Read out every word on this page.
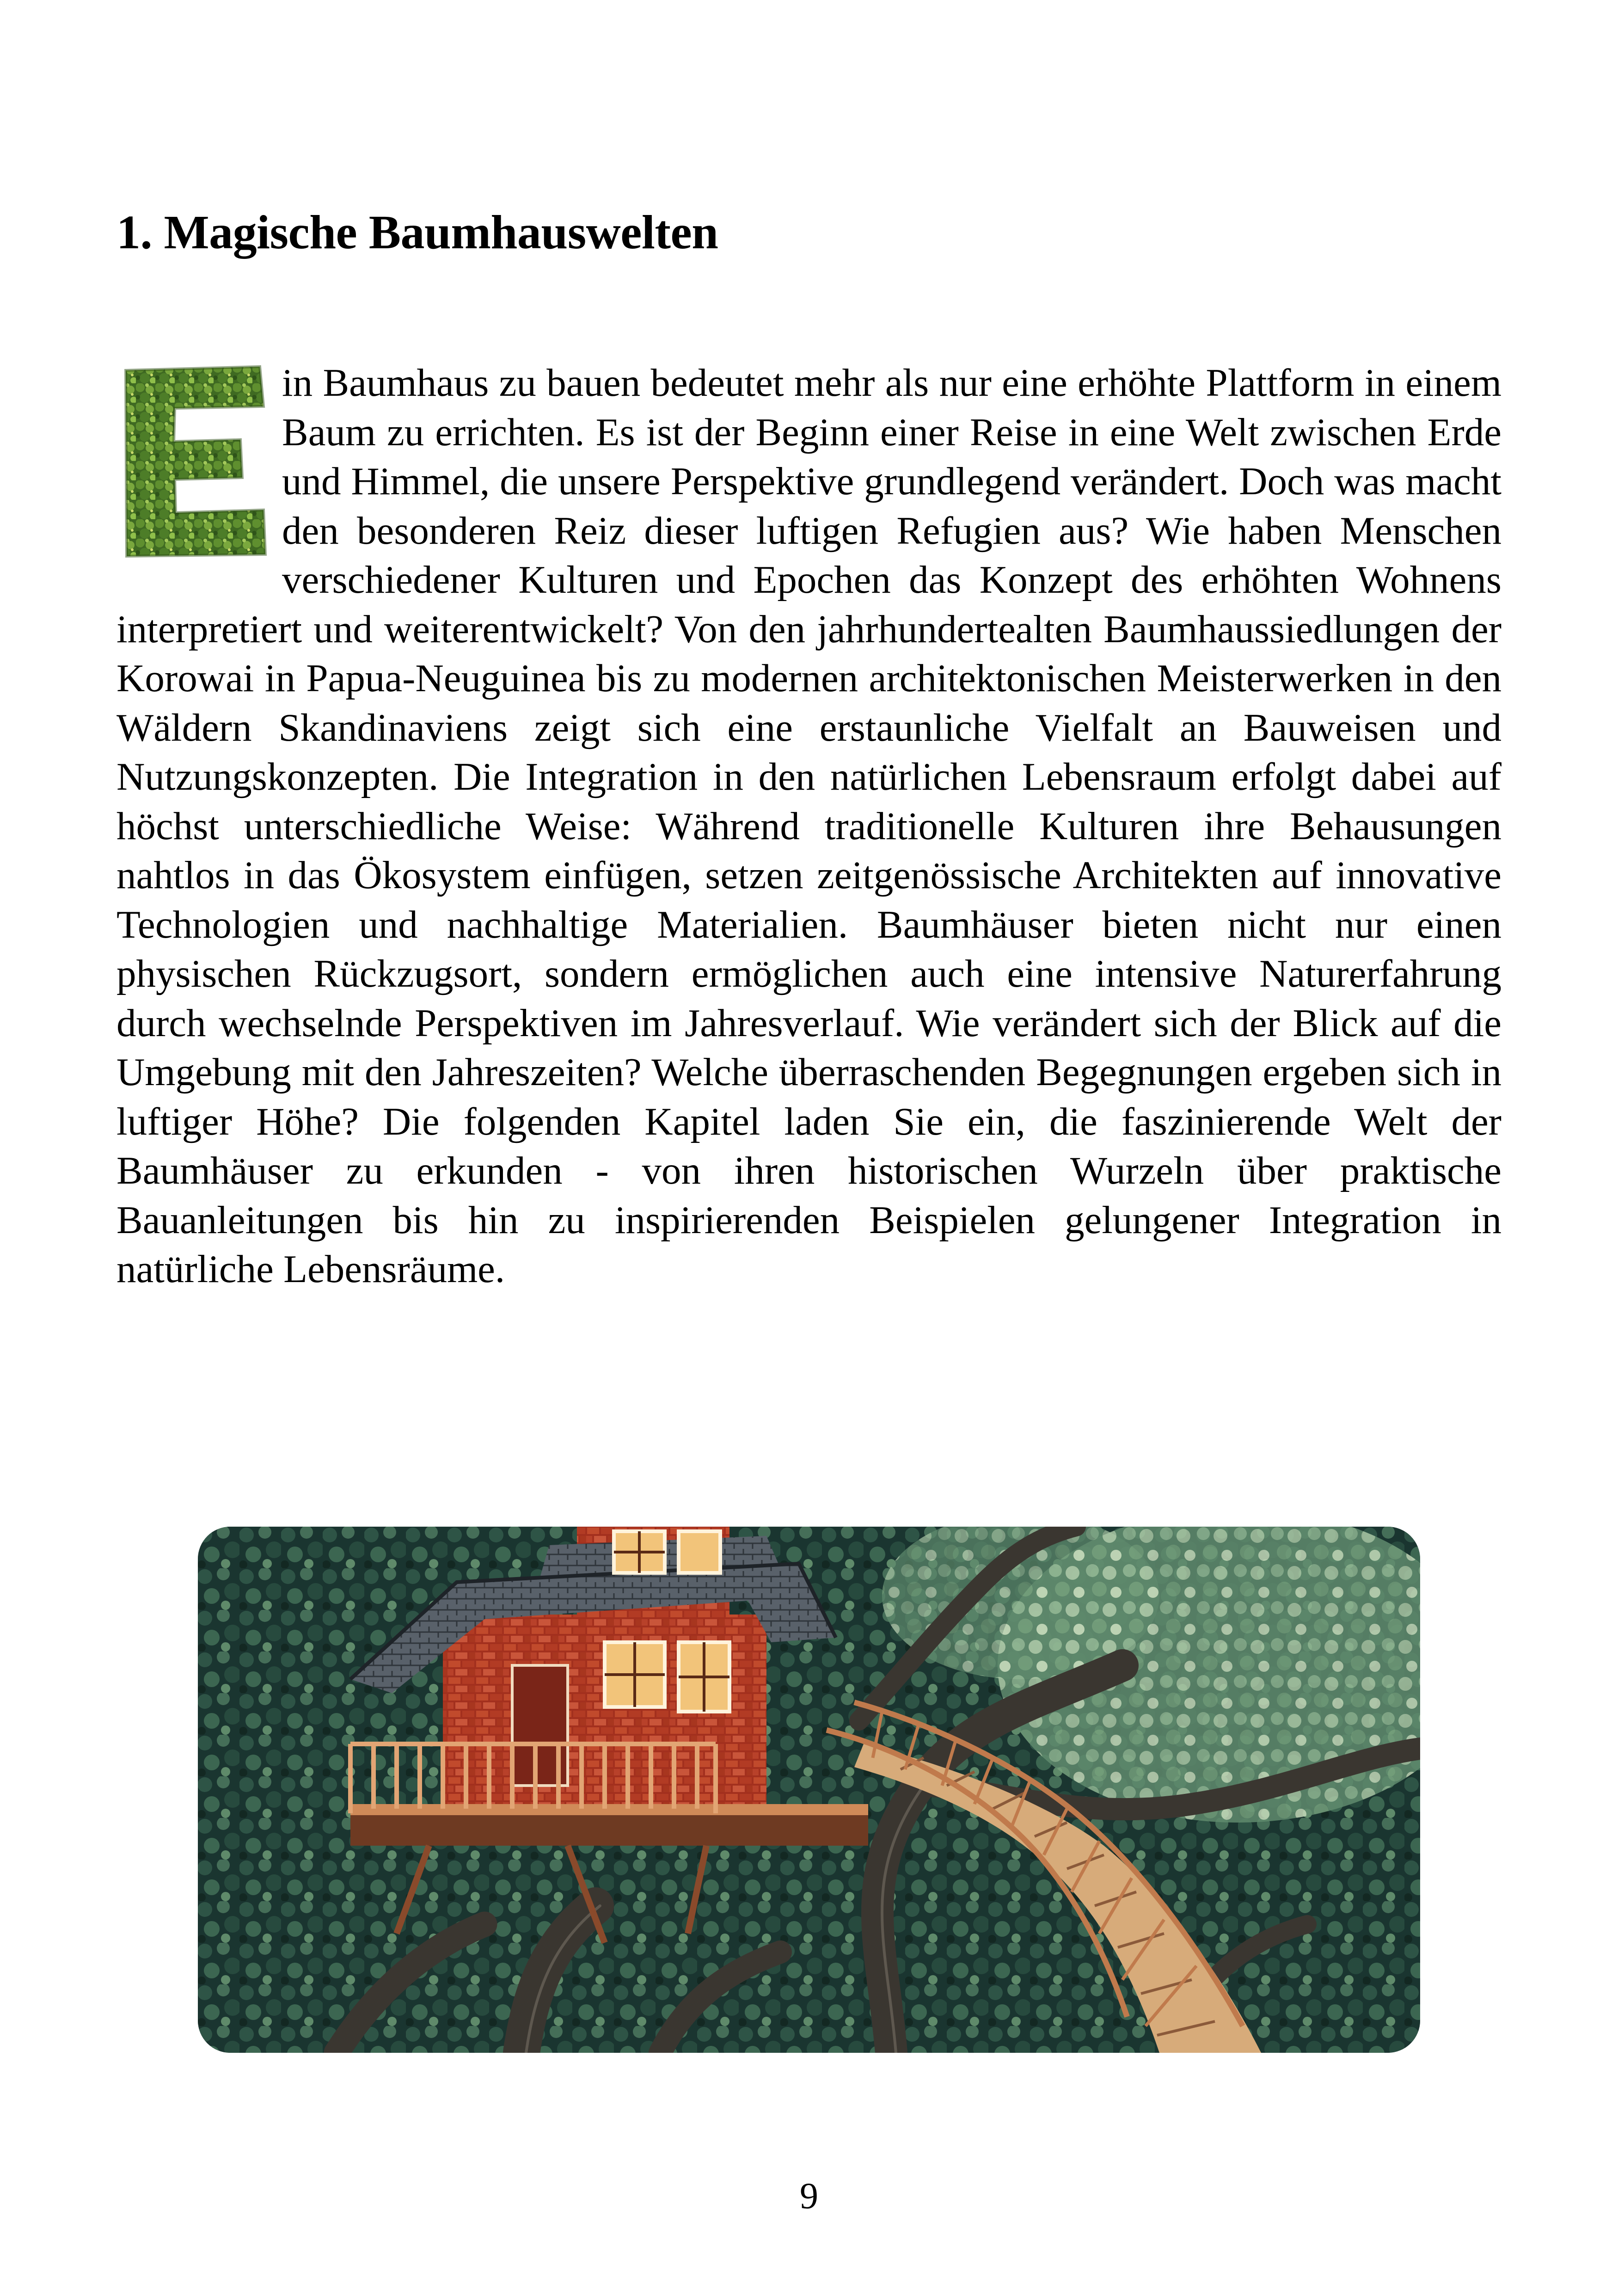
1. Magische Baumhauswelten
in Baumhaus zu bauen bedeutet mehr als nur eine erhöhte Plattform in einem Baum zu errichten. Es ist der Beginn einer Reise in eine Welt zwischen Erde und Himmel, die unsere Perspektive grundlegend verändert. Doch was macht den besonderen Reiz dieser luftigen Refugien aus? Wie haben Menschen verschiedener Kulturen und Epochen das Konzept des erhöhten Wohnens interpretiert und weiterentwickelt? Von den jahrhundertealten Baumhaussiedlungen der Korowai in Papua-Neuguinea bis zu modernen architektonischen Meisterwerken in den Wäldern Skandinaviens zeigt sich eine erstaunliche Vielfalt an Bauweisen und Nutzungskonzepten. Die Integration in den natürlichen Lebensraum erfolgt dabei auf höchst unterschiedliche Weise: Während traditionelle Kulturen ihre Behausungen nahtlos in das Ökosystem einfügen, setzen zeitgenössische Architekten auf innovative Technologien und nachhaltige Materialien. Baumhäuser bieten nicht nur einen physischen Rückzugsort, sondern ermöglichen auch eine intensive Naturerfahrung durch wechselnde Perspektiven im Jahresverlauf. Wie verändert sich der Blick auf die Umgebung mit den Jahreszeiten? Welche überraschenden Begegnungen ergeben sich in luftiger Höhe? Die folgenden Kapitel laden Sie ein, die faszinierende Welt der Baumhäuser zu erkunden - von ihren historischen Wurzeln über praktische Bauanleitungen bis hin zu inspirierenden Beispielen gelungener Integration in natürliche Lebensräume.
9
